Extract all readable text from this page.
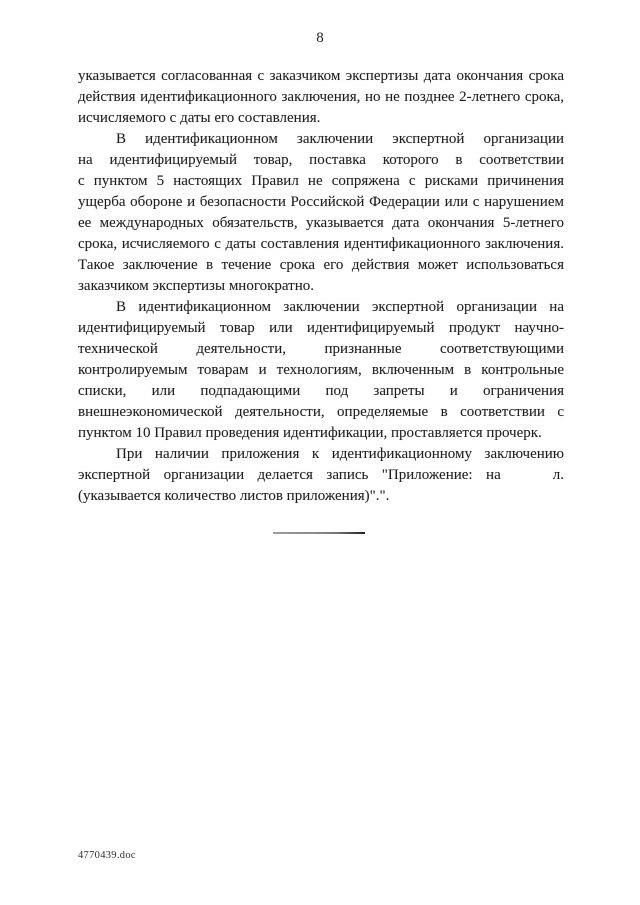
8
указывается согласованная с заказчиком экспертизы дата окончания срока
действия идентификационного заключения, но не позднее 2-летнего срока,
исчисляемого с даты его составления.
В идентификационном заключении экспертной организации
на идентифицируемый товар, поставка которого в соответствии
с пунктом 5 настоящих Правил не сопряжена с рисками причинения
ущерба обороне и безопасности Российской Федерации или с нарушением
ее международных обязательств, указывается дата окончания 5-летнего
срока, исчисляемого с даты составления идентификационного заключения.
Такое заключение в течение срока его действия может использоваться
заказчиком экспертизы многократно.
В идентификационном заключении экспертной организации на
идентифицируемый товар или идентифицируемый продукт научно-
технической деятельности, признанные соответствующими
контролируемым товарам и технологиям, включенным в контрольные
списки, или подпадающими под запреты и ограничения
внешнеэкономической деятельности, определяемые в соответствии с
пунктом 10 Правил проведения идентификации, проставляется прочерк.
При наличии приложения к идентификационному заключению
экспертной организации делается запись "Приложение: на	л.
(указывается количество листов приложения)".".
4770439.doc
